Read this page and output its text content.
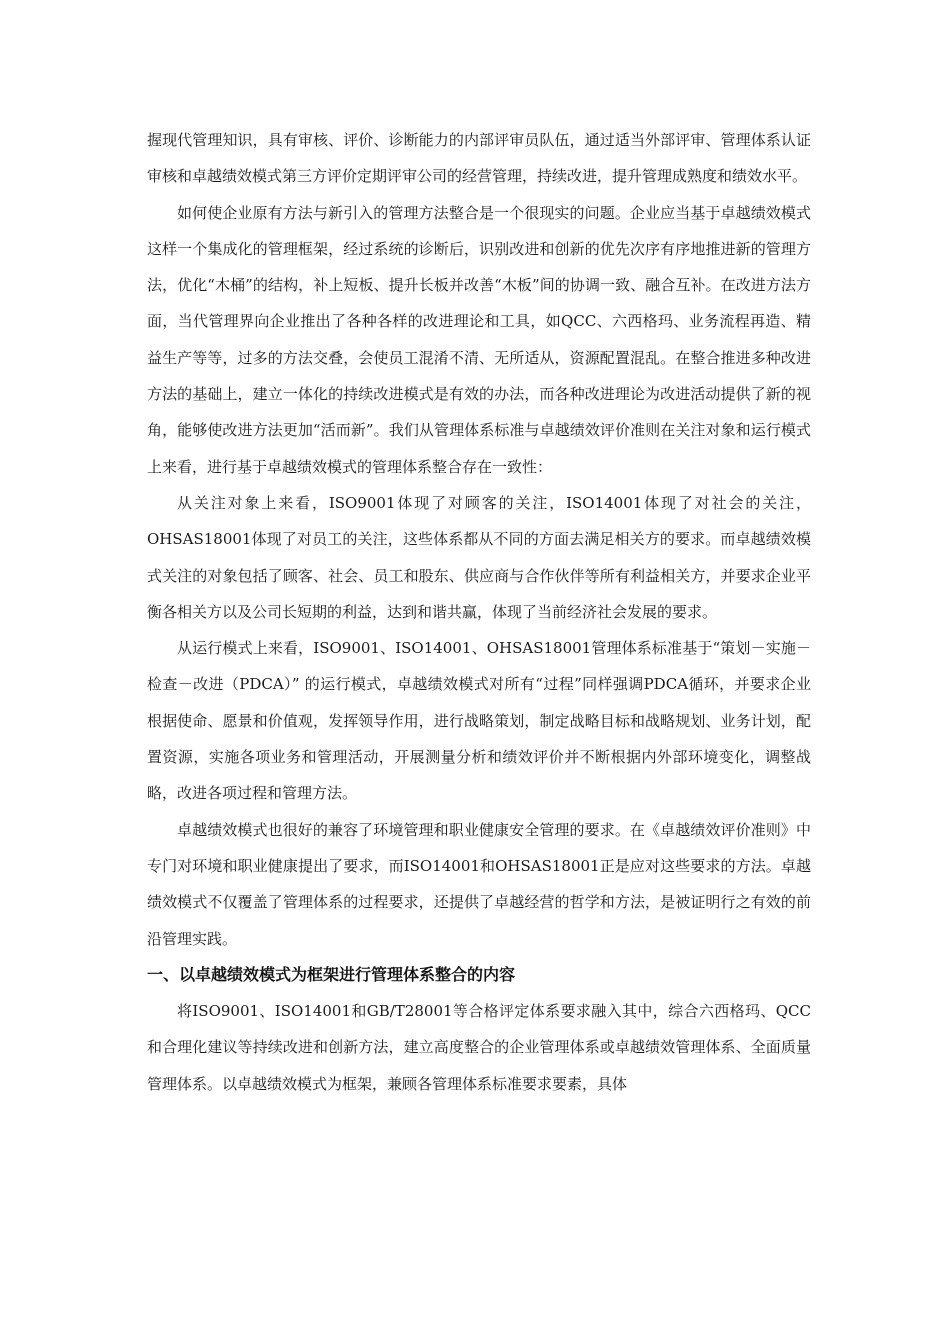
握现代管理知识，具有审核、评价、诊断能力的内部评审员队伍，通过适当外部评审、管理体系认证审核和卓越绩效模式第三方评价定期评审公司的经营管理，持续改进，提升管理成熟度和绩效水平。

如何使企业原有方法与新引入的管理方法整合是一个很现实的问题。企业应当基于卓越绩效模式这样一个集成化的管理框架，经过系统的诊断后，识别改进和创新的优先次序有序地推进新的管理方法，优化“木桶”的结构，补上短板、提升长板并改善“木板”间的协调一致、融合互补。在改进方法方面，当代管理界向企业推出了各种各样的改进理论和工具，如QCC、六西格玛、业务流程再造、精益生产等等，过多的方法交叠，会使员工混淆不清、无所适从，资源配置混乱。在整合推进多种改进方法的基础上，建立一体化的持续改进模式是有效的办法，而各种改进理论为改进活动提供了新的视角，能够使改进方法更加“活而新”。我们从管理体系标准与卓越绩效评价准则在关注对象和运行模式上来看，进行基于卓越绩效模式的管理体系整合存在一致性：

从关注对象上来看，ISO9001体现了对顾客的关注，ISO14001体现了对社会的关注，OHSAS18001体现了对员工的关注，这些体系都从不同的方面去满足相关方的要求。而卓越绩效模式关注的对象包括了顾客、社会、员工和股东、供应商与合作伙伴等所有利益相关方，并要求企业平衡各相关方以及公司长短期的利益，达到和谐共赢，体现了当前经济社会发展的要求。

从运行模式上来看，ISO9001、ISO14001、OHSAS18001管理体系标准基于“策划－实施－检查－改进（PDCA）” 的运行模式，卓越绩效模式对所有“过程”同样强调PDCA循环，并要求企业根据使命、愿景和价值观，发挥领导作用，进行战略策划，制定战略目标和战略规划、业务计划，配置资源，实施各项业务和管理活动，开展测量分析和绩效评价并不断根据内外部环境变化，调整战略，改进各项过程和管理方法。

卓越绩效模式也很好的兼容了环境管理和职业健康安全管理的要求。在《卓越绩效评价准则》中专门对环境和职业健康提出了要求，而ISO14001和OHSAS18001正是应对这些要求的方法。卓越绩效模式不仅覆盖了管理体系的过程要求，还提供了卓越经营的哲学和方法，是被证明行之有效的前沿管理实践。

一、以卓越绩效模式为框架进行管理体系整合的内容

将ISO9001、ISO14001和GB/T28001等合格评定体系要求融入其中，综合六西格玛、QCC和合理化建议等持续改进和创新方法，建立高度整合的企业管理体系或卓越绩效管理体系、全面质量管理体系。以卓越绩效模式为框架，兼顾各管理体系标准要求要素，具体
